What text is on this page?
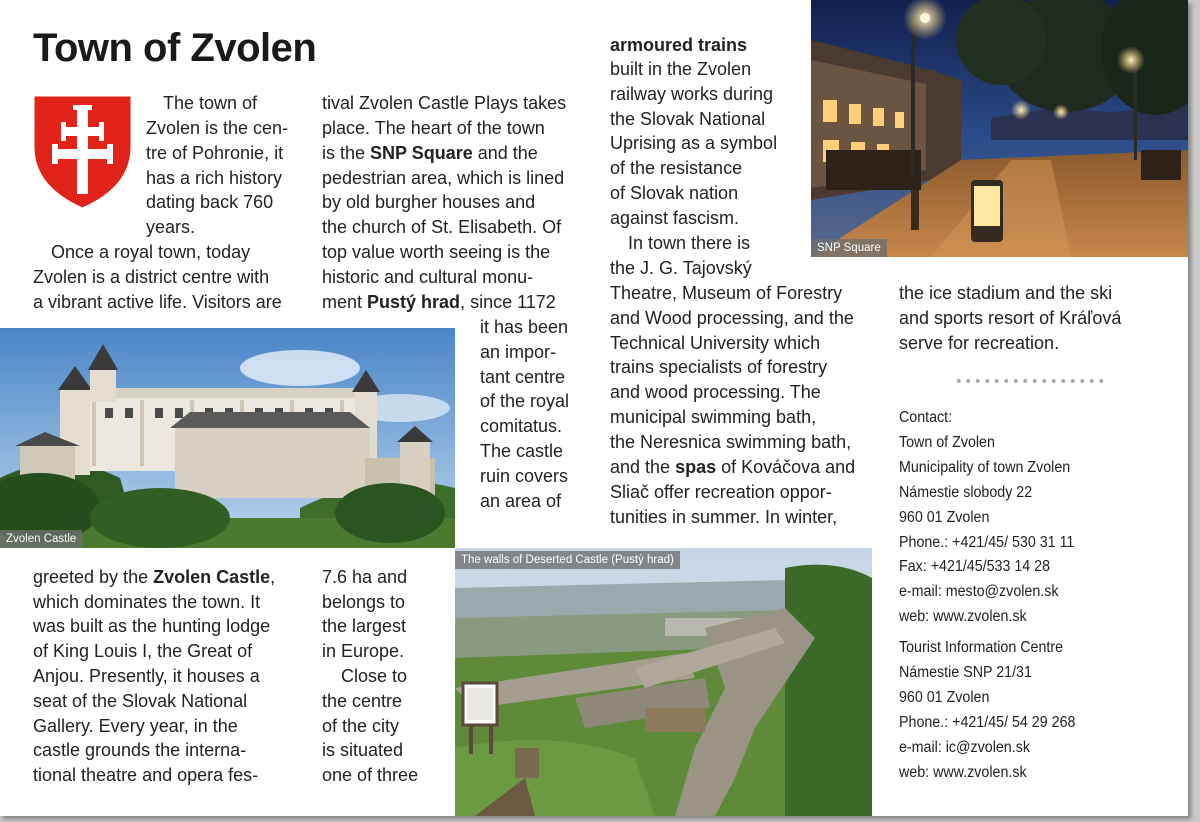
Town of Zvolen
The town of
Zvolen is the cen-
tre of Pohronie, it
has a rich history
dating back 760
years.
Once a royal town, today
Zvolen is a district centre with
a vibrant active life. Visitors are
tival Zvolen Castle Plays takes
place. The heart of the town
is the SNP Square and the
pedestrian area, which is lined
by old burgher houses and
the church of St. Elisabeth. Of
top value worth seeing is the
historic and cultural monu-
ment Pustý hrad, since 1172
it has been
an impor-
tant centre
of the royal
comitatus.
The castle
ruin covers
an area of
armoured trains
built in the Zvolen
railway works during
the Slovak National
Uprising as a symbol
of the resistance
of Slovak nation
against fascism.
In town there is
the J. G. Tajovský
Theatre, Museum of Forestry
and Wood processing, and the
Technical University which
trains specialists of forestry
and wood processing. The
municipal swimming bath,
the Neresnica swimming bath,
and the spas of Kováčova and
Sliač offer recreation oppor-
tunities in summer. In winter,
the ice stadium and the ski
and sports resort of Kráľová
serve for recreation.
Contact:
Town of Zvolen
Municipality of town Zvolen
Námestie slobody 22
960 01 Zvolen
Phone.: +421/45/ 530 31 11
Fax: +421/45/533 14 28
e-mail: mesto@zvolen.sk
web: www.zvolen.sk
Tourist Information Centre
Námestie SNP 21/31
960 01 Zvolen
Phone.: +421/45/ 54 29 268
e-mail: ic@zvolen.sk
web: www.zvolen.sk
greeted by the Zvolen Castle,
which dominates the town. It
was built as the hunting lodge
of King Louis I, the Great of
Anjou. Presently, it houses a
seat of the Slovak National
Gallery. Every year, in the
castle grounds the interna-
tional theatre and opera fes-
7.6 ha and
belongs to
the largest
in Europe.
Close to
the centre
of the city
is situated
one of three
SNP Square
Zvolen Castle
The walls of Deserted Castle (Pustý hrad)
